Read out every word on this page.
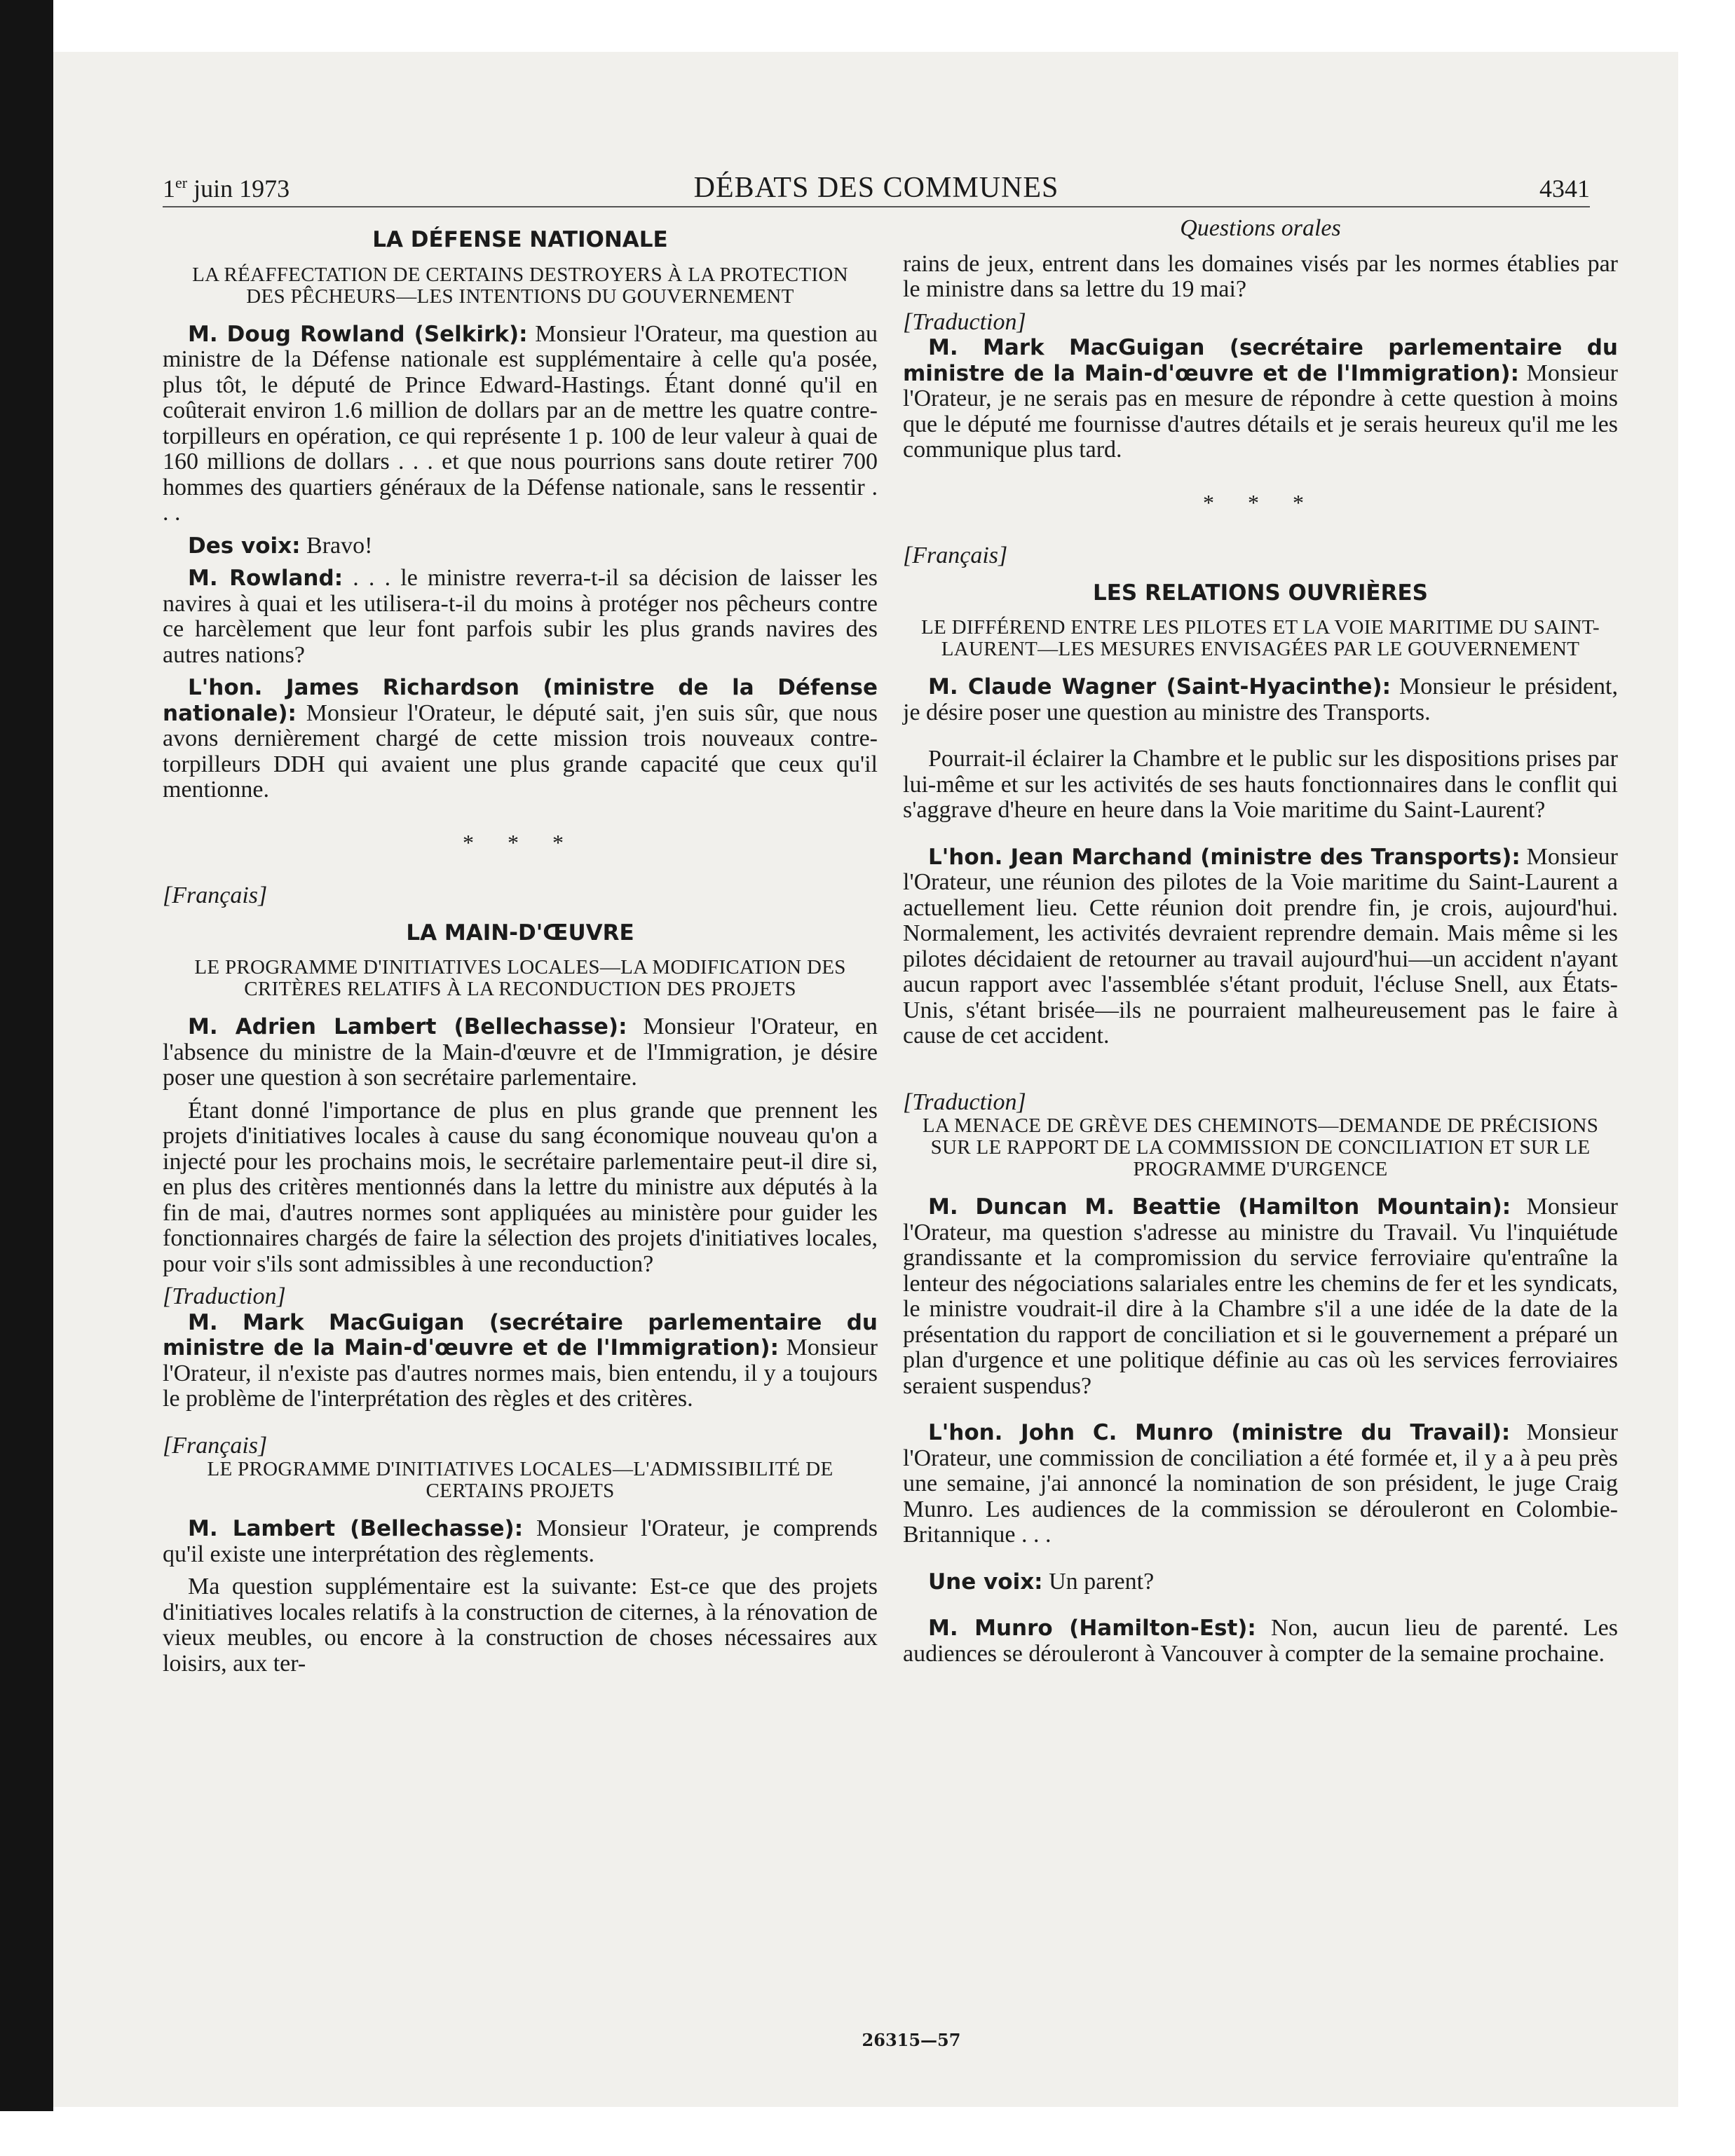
1er juin 1973	DÉBATS DES COMMUNES	4341
LA DÉFENSE NATIONALE
LA RÉAFFECTATION DE CERTAINS DESTROYERS À LA PROTECTION DES PÊCHEURS—LES INTENTIONS DU GOUVERNEMENT

M. Doug Rowland (Selkirk): Monsieur l'Orateur, ma question au ministre de la Défense nationale est supplémentaire à celle qu'a posée, plus tôt, le député de Prince Edward-Hastings. Étant donné qu'il en coûterait environ 1.6 million de dollars par an de mettre les quatre contre-torpilleurs en opération, ce qui représente 1 p. 100 de leur valeur à quai de 160 millions de dollars . . . et que nous pourrions sans doute retirer 700 hommes des quartiers généraux de la Défense nationale, sans le ressentir . . .

Des voix: Bravo!

M. Rowland: . . . le ministre reverra-t-il sa décision de laisser les navires à quai et les utilisera-t-il du moins à protéger nos pêcheurs contre ce harcèlement que leur font parfois subir les plus grands navires des autres nations?

L'hon. James Richardson (ministre de la Défense nationale): Monsieur l'Orateur, le député sait, j'en suis sûr, que nous avons dernièrement chargé de cette mission trois nouveaux contre-torpilleurs DDH qui avaient une plus grande capacité que ceux qu'il mentionne.

* * *

[Français]

LA MAIN-D'ŒUVRE
LE PROGRAMME D'INITIATIVES LOCALES—LA MODIFICATION DES CRITÈRES RELATIFS À LA RECONDUCTION DES PROJETS

M. Adrien Lambert (Bellechasse): Monsieur l'Orateur, en l'absence du ministre de la Main-d'œuvre et de l'Immigration, je désire poser une question à son secrétaire parlementaire.

Étant donné l'importance de plus en plus grande que prennent les projets d'initiatives locales à cause du sang économique nouveau qu'on a injecté pour les prochains mois, le secrétaire parlementaire peut-il dire si, en plus des critères mentionnés dans la lettre du ministre aux députés à la fin de mai, d'autres normes sont appliquées au ministère pour guider les fonctionnaires chargés de faire la sélection des projets d'initiatives locales, pour voir s'ils sont admissibles à une reconduction?

[Traduction]

M. Mark MacGuigan (secrétaire parlementaire du ministre de la Main-d'œuvre et de l'Immigration): Monsieur l'Orateur, il n'existe pas d'autres normes mais, bien entendu, il y a toujours le problème de l'interprétation des règles et des critères.

[Français]

LE PROGRAMME D'INITIATIVES LOCALES—L'ADMISSIBILITÉ DE CERTAINS PROJETS

M. Lambert (Bellechasse): Monsieur l'Orateur, je comprends qu'il existe une interprétation des règlements.

Ma question supplémentaire est la suivante: Est-ce que des projets d'initiatives locales relatifs à la construction de citernes, à la rénovation de vieux meubles, ou encore à la construction de choses nécessaires aux loisirs, aux ter-

Questions orales

rains de jeux, entrent dans les domaines visés par les normes établies par le ministre dans sa lettre du 19 mai?

[Traduction]

M. Mark MacGuigan (secrétaire parlementaire du ministre de la Main-d'œuvre et de l'Immigration): Monsieur l'Orateur, je ne serais pas en mesure de répondre à cette question à moins que le député me fournisse d'autres détails et je serais heureux qu'il me les communique plus tard.

* * *

[Français]

LES RELATIONS OUVRIÈRES
LE DIFFÉREND ENTRE LES PILOTES ET LA VOIE MARITIME DU SAINT-LAURENT—LES MESURES ENVISAGÉES PAR LE GOUVERNEMENT

M. Claude Wagner (Saint-Hyacinthe): Monsieur le président, je désire poser une question au ministre des Transports.

Pourrait-il éclairer la Chambre et le public sur les dispositions prises par lui-même et sur les activités de ses hauts fonctionnaires dans le conflit qui s'aggrave d'heure en heure dans la Voie maritime du Saint-Laurent?

L'hon. Jean Marchand (ministre des Transports): Monsieur l'Orateur, une réunion des pilotes de la Voie maritime du Saint-Laurent a actuellement lieu. Cette réunion doit prendre fin, je crois, aujourd'hui. Normalement, les activités devraient reprendre demain. Mais même si les pilotes décidaient de retourner au travail aujourd'hui—un accident n'ayant aucun rapport avec l'assemblée s'étant produit, l'écluse Snell, aux États-Unis, s'étant brisée—ils ne pourraient malheureusement pas le faire à cause de cet accident.

[Traduction]

LA MENACE DE GRÈVE DES CHEMINOTS—DEMANDE DE PRÉCISIONS SUR LE RAPPORT DE LA COMMISSION DE CONCILIATION ET SUR LE PROGRAMME D'URGENCE

M. Duncan M. Beattie (Hamilton Mountain): Monsieur l'Orateur, ma question s'adresse au ministre du Travail. Vu l'inquiétude grandissante et la compromission du service ferroviaire qu'entraîne la lenteur des négociations salariales entre les chemins de fer et les syndicats, le ministre voudrait-il dire à la Chambre s'il a une idée de la date de la présentation du rapport de conciliation et si le gouvernement a préparé un plan d'urgence et une politique définie au cas où les services ferroviaires seraient suspendus?

L'hon. John C. Munro (ministre du Travail): Monsieur l'Orateur, une commission de conciliation a été formée et, il y a à peu près une semaine, j'ai annoncé la nomination de son président, le juge Craig Munro. Les audiences de la commission se dérouleront en Colombie-Britannique . . .

Une voix: Un parent?

M. Munro (Hamilton-Est): Non, aucun lieu de parenté. Les audiences se dérouleront à Vancouver à compter de la semaine prochaine.

26315—57
